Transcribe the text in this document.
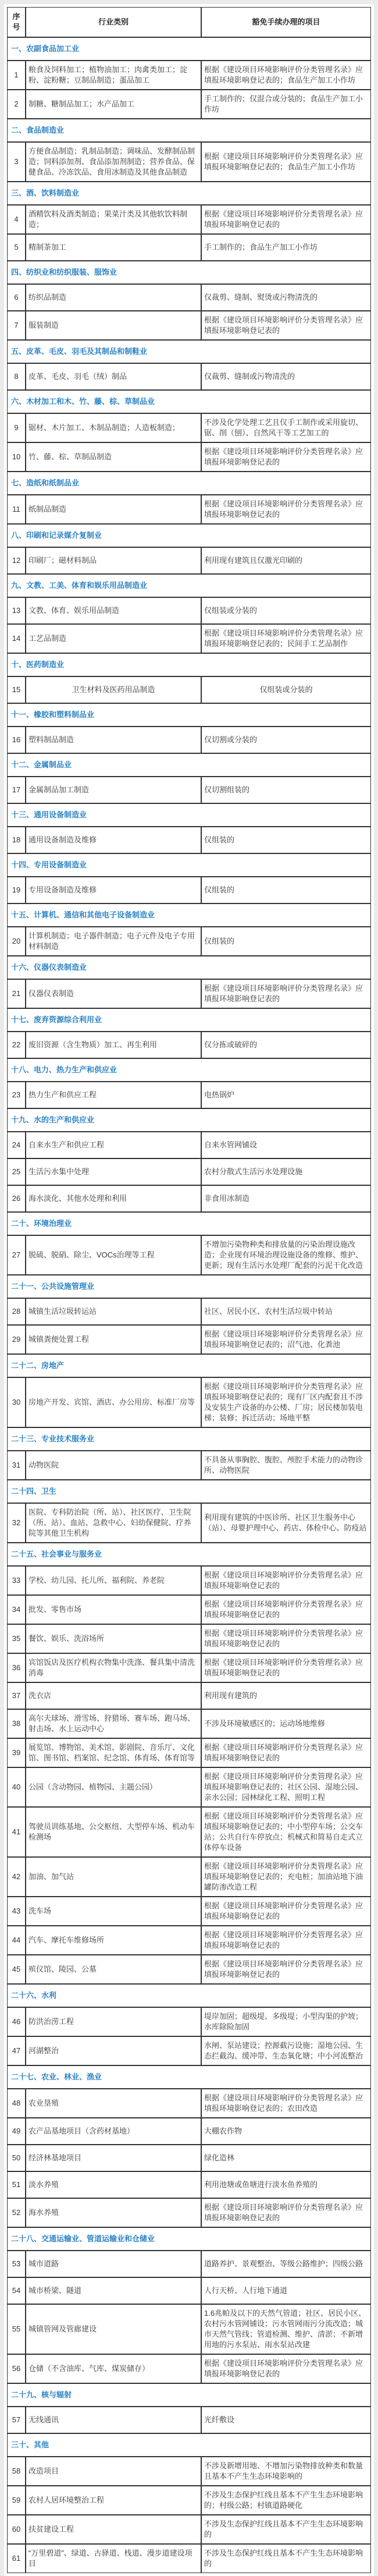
序号	行业类别	豁免手续办理的项目
一、农副食品加工业		
1	粮食及饲料加工；植物油加工；肉禽类加工；淀粉、淀粉糖；豆制品制造；蛋品加工	根据《建设项目环境影响评价分类管理名录》应填报环境影响登记表的；食品生产加工小作坊
2	制糖、糖制品加工；水产品加工	手工制作的；仅混合或分装的；食品生产加工小作坊
二、食品制造业		
3	方便食品制造；乳制品制造；调味品、发酵制品制造；饲料添加剂、食品添加剂制造；营养食品、保健食品、冷冻饮品、食用冰制造及其他食品制造	根据《建设项目环境影响评价分类管理名录》应填报环境影响登记表的；食品生产加工小作坊
三、酒、饮料制造业		
4	酒精饮料及酒类制造；果菜汁类及其他软饮料制造；	根据《建设项目环境影响评价分类管理名录》应填报环境影响登记表的
5	精制茶加工	手工制作的；食品生产加工小作坊
四、纺织业和纺织服装、服饰业		
6	纺织品制造	仅裁剪、缝制、熨烫或污物清洗的
7	服装制造	根据《建设项目环境影响评价分类管理名录》应填报环境影响登记表的
五、皮革、毛皮、羽毛及其制品和制鞋业		
8	皮革、毛皮、羽毛（绒）制品	仅裁剪、缝制或污物清洗的
六、木材加工和木、竹、藤、棕、草制品业		
9	锯材、木片加工、木制品制造；人造板制造；	不涉及化学处理工艺且仅手工制作或采用旋切、锯、削（刨）、自然风干等工艺加工的
10	竹、藤、棕、草制品制造	根据《建设项目环境影响评价分类管理名录》应填报环境影响登记表的
七、造纸和纸制品业		
11	纸制品制造	根据《建设项目环境影响评价分类管理名录》应填报环境影响登记表的
八、印刷和记录媒介复制业		
12	印刷厂；磁材料制品	利用现有建筑且仅激光印刷的
九、文教、工美、体育和娱乐用品制造业		
13	文教、体育、娱乐用品制造	仅组装或分装的
14	工艺品制造	根据《建设项目环境影响评价分类管理名录》应填报环境影响登记表的；民间手工艺品制作
十、医药制造业		
15	卫生材料及医药用品制造	仅组装或分装的
十一、橡胶和塑料制品业		
16	塑料制品制造	仅切割或分装的
十二、金属制品业		
17	金属制品加工制造	仅切割组装的
十三、通用设备制造业		
18	通用设备制造及维修	仅组装的
十四、专用设备制造业		
19	专用设备制造及维修	仅组装的
十五、计算机、通信和其他电子设备制造业		
20	计算机制造；电子器件制造；电子元件及电子专用材料制造	仅组装的
十六、仪器仪表制造业		
21	仪器仪表制造	根据《建设项目环境影响评价分类管理名录》应填报环境影响登记表的
十七、废弃资源综合利用业		
22	废旧资源（含生物质）加工、再生利用	仅分拣或破碎的
十八、电力、热力生产和供应业		
23	热力生产和供应工程	电热锅炉
十九、水的生产和供应业		
24	自来水生产和供应工程	自来水管网铺设
25	生活污水集中处理	农村分散式生活污水处理设施
26	海水淡化、其他水处理和利用	非食用冰制造
二十、环境治理业		
27	脱硫、脱硝、除尘、VOCs治理等工程	不增加污染物种类和排放量的污染治理设施改造；企业现有环境治理设施设备的维修、维护、更新；现有生活污水处理厂配套的污泥干化改造
二十一、公共设施管理业		
28	城镇生活垃圾转运站	社区、居民小区、农村生活垃圾中转站
29	城镇粪便处置工程	根据《建设项目环境影响评价分类管理名录》应填报环境影响登记表的；沼气池、化粪池
二十二、房地产		
30	房地产开发、宾馆、酒店、办公用房、标准厂房等	根据《建设项目环境影响评价分类管理名录》应填报环境影响登记表的；现有厂区内配套且不涉及安装生产设备的办公楼、厂房；居民楼加装电梯；装修；拆迁活动；场地平整
二十三、专业技术服务业		
31	动物医院	不具备从事胸腔、腹腔、颅腔手术能力的动物诊所、动物医院
二十四、卫生		
32	医院、专科防治院（所、站）、社区医疗、卫生院（所、站）、血站、急救中心、妇幼保健院、疗养院等其他卫生机构	利用现有建筑的中医诊所、社区卫生服务中心（站）、母婴护理中心、药店、体检中心、防疫站
二十五、社会事业与服务业		
33	学校、幼儿园、托儿所、福利院、养老院	根据《建设项目环境影响评价分类管理名录》应填报环境影响登记表的
34	批发、零售市场	根据《建设项目环境影响评价分类管理名录》应填报环境影响登记表的
35	餐饮、娱乐、洗浴场所	根据《建设项目环境影响评价分类管理名录》应填报环境影响登记表的
36	宾馆饭店及医疗机构衣物集中洗涤、餐具集中清洗消毒	根据《建设项目环境影响评价分类管理名录》应填报环境影响登记表的
37	洗衣店	利用现有建筑的
38	高尔夫球场、滑雪场、狩猎场、赛车场、跑马场、射击场、水上运动中心	不涉及环境敏感区的；运动场地维修
39	展览馆、博物馆、美术馆、影剧院、音乐厅、文化馆、图书馆、档案馆、纪念馆、体育场、体育馆等	根据《建设项目环境影响评价分类管理名录》应填报环境影响登记表的
40	公园（含动物园、植物园、主题公园）	根据《建设项目环境影响评价分类管理名录》应填报环境影响登记表的；社区公园、湿地公园、亲水公园；园林绿化工程、照明工程
41	驾驶员训练基地、公交枢纽、大型停车场、机动车检测场	根据《建设项目环境影响评价分类管理名录》应填报环境影响登记表的；中小型停车场；公交车站；公共自行车停放点；机械式和简易自走式立体停车设备
42	加油、加气站	根据《建设项目环境影响评价分类管理名录》应填报环境影响登记表的；充电桩；加油站地下油罐防渗改造工程
43	洗车场	根据《建设项目环境影响评价分类管理名录》应填报环境影响登记表的
44	汽车、摩托车维修场所	根据《建设项目环境影响评价分类管理名录》应填报环境影响登记表的
45	殡仪馆、陵园、公墓	根据《建设项目环境影响评价分类管理名录》应填报环境影响登记表的
二十六、水利		
46	防洪治涝工程	堤岸加固；超级堤、多级堤；小型沟渠的护坡；水库除险加固
47	河湖整治	水闸、泵站建设；控源截污设施；湿地公园、生态拦截沟、缓冲带、生态氧化塘；中小河流整治
二十七、农业、林业、渔业		
48	农业垦殖	根据《建设项目环境影响评价分类管理名录》应填报环境影响登记表的；农田改造
49	农产品基地项目（含药材基地）	大棚农作物
50	经济林基地项目	绿化造林
51	淡水养殖	利用池塘或鱼塘进行淡水鱼养殖的
52	海水养殖	根据《建设项目环境影响评价分类管理名录》应填报环境影响登记表的
二十八、交通运输业、管道运输业和仓储业		
53	城市道路	道路养护、景观整治、等级公路维护；四级公路
54	城市桥梁、隧道	人行天桥、人行地下通道
55	城镇管网及管廊建设	1.6兆帕及以下的天然气管道；社区、居民小区、农村污水管网铺设；污水管网雨污分流改造；城市天然气管线；管道检测、维护、清淤；不新增用地的污水泵站、雨水泵站改建
56	仓储（不含油库、气库、煤炭储存）	根据《建设项目环境影响评价分类管理名录》应填报环境影响登记表的
二十九、核与辐射		
57	无线通讯	光纤敷设
三十、其他		
58	改造项目	不涉及新增用地、不增加污染物排放种类和数量且基本不产生生态环境影响的
59	农村人居环境整治工程	不涉及生态保护红线且基本不产生生态环境影响的；村级公路；村镇道路硬化
60	扶贫建设工程	不涉及生态保护红线且基本不产生生态环境影响的
61	“万里碧道”、绿道、古驿道、栈道、漫步道建设项目	不涉及生态保护红线且基本不产生生态环境影响的
